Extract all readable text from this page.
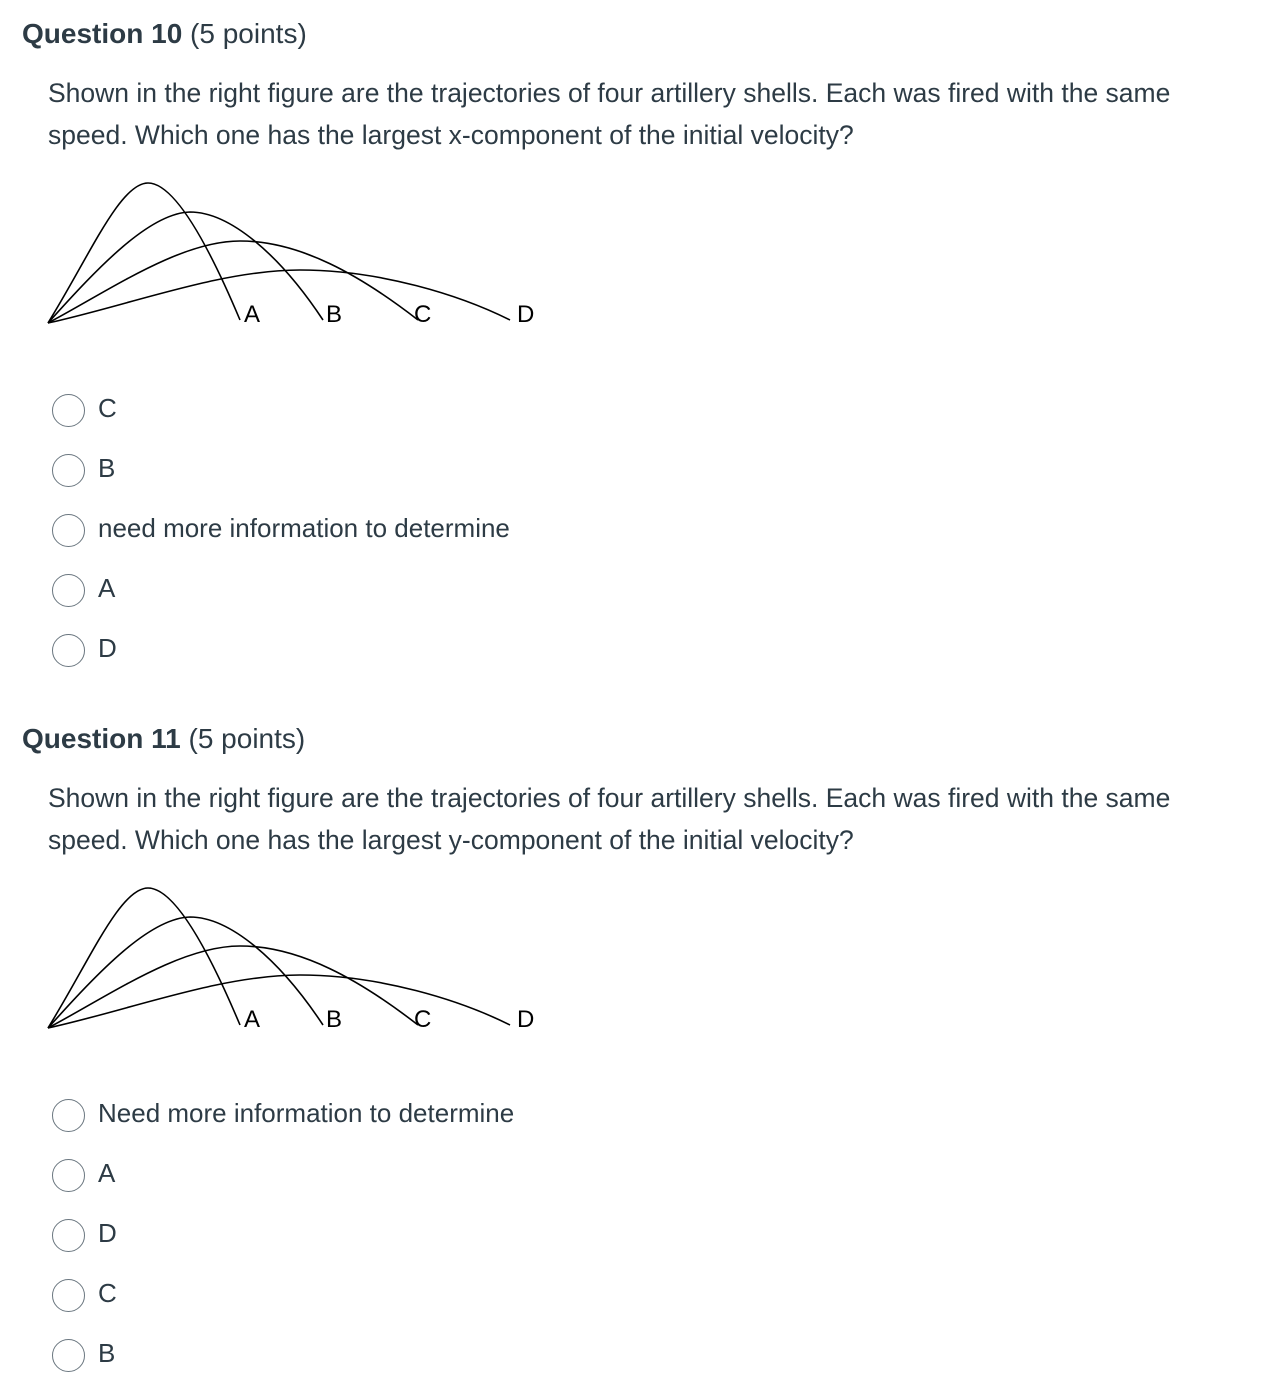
Question 10 (5 points)
Shown in the right figure are the trajectories of four artillery shells. Each was fired with the same speed. Which one has the largest x-component of the initial velocity?
A	B	C	D
C
B
need more information to determine
A
D
Question 11 (5 points)
Shown in the right figure are the trajectories of four artillery shells. Each was fired with the same speed. Which one has the largest y-component of the initial velocity?
A	B	C	D
Need more information to determine
A
D
C
B
